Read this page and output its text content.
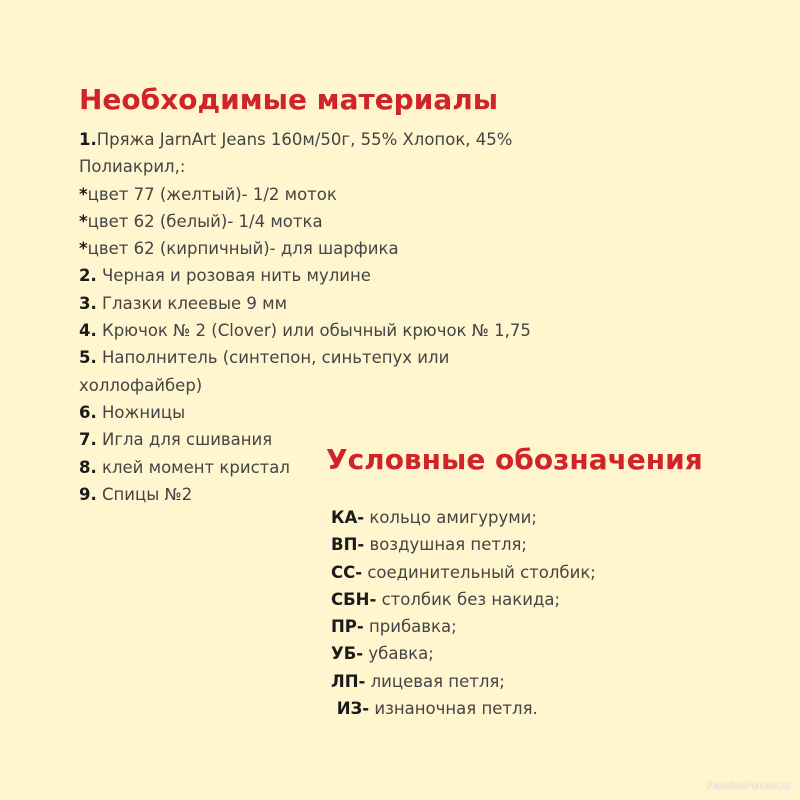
Необходимые материалы
1.Пряжа JarnArt Jeans 160м/50г, 55% Хлопок, 45%
Полиакрил,:
*цвет 77 (желтый)- 1/2 моток
*цвет 62 (белый)- 1/4 мотка
*цвет 62 (кирпичный)- для шарфика
2. Черная и розовая нить мулине
3. Глазки клеевые 9 мм
4. Крючок № 2 (Clover) или обычный крючок № 1,75
5. Наполнитель (синтепон, синьтепух или
холлофайбер)
6. Ножницы
7. Игла для сшивания
8. клей момент кристал
9. Спицы №2
Условные обозначения
КА- кольцо амигуруми;
ВП- воздушная петля;
СС- соединительный столбик;
СБН- столбик без накида;
ПР- прибавка;
УБ- убавка;
ЛП- лицевая петля;
ИЗ- изнаночная петля.
PassionForum.ru
